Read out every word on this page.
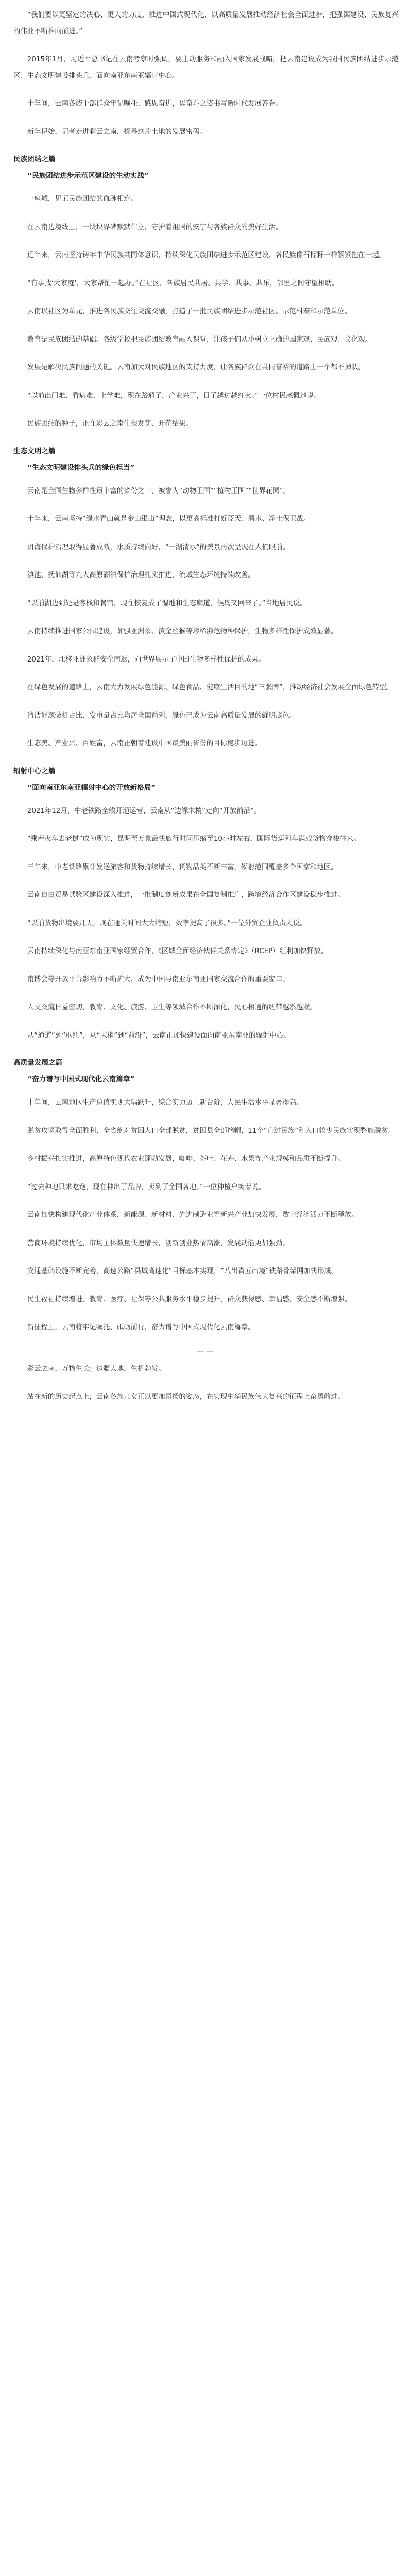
“我们要以更坚定的决心、更大的力度，推进中国式现代化，以高质量发展推动经济社会全面进步，把强国建设、民族复兴的伟业不断推向前进。”

2015年1月，习近平总书记在云南考察时强调，要主动服务和融入国家发展战略，把云南建设成为我国民族团结进步示范区、生态文明建设排头兵、面向南亚东南亚辐射中心。

十年间，云南各族干部群众牢记嘱托、感恩奋进，以奋斗之姿书写新时代发展答卷。

新年伊始，记者走进彩云之南，探寻这片土地的发展密码。

民族团结之篇
“民族团结进步示范区建设的生动实践”

一座城，见证民族团结的血脉相连。

在云南边境线上，一块块界碑默默伫立，守护着祖国的安宁与各族群众的美好生活。

近年来，云南坚持铸牢中华民族共同体意识，持续深化民族团结进步示范区建设，各民族像石榴籽一样紧紧抱在一起。

“有事找‘大家庭’，大家帮忙一起办。”在社区，各族居民共居、共学、共事、共乐，邻里之间守望相助。

云南以社区为单元，推进各民族交往交流交融，打造了一批民族团结进步示范社区、示范村寨和示范单位。

教育是民族团结的基础。各级学校把民族团结教育融入课堂，让孩子们从小树立正确的国家观、民族观、文化观。

发展是解决民族问题的关键。云南加大对民族地区的支持力度，让各族群众在共同富裕的道路上一个都不掉队。

“以前出门难、看病难、上学难，现在路通了，产业兴了，日子越过越红火。”一位村民感慨地说。

民族团结的种子，正在彩云之南生根发芽、开花结果。

生态文明之篇
“生态文明建设排头兵的绿色担当”

云南是全国生物多样性最丰富的省份之一，被誉为“动物王国”“植物王国”“世界花园”。

十年来，云南坚持“绿水青山就是金山银山”理念，以更高标准打好蓝天、碧水、净土保卫战。

洱海保护治理取得显著成效，水质持续向好，“一湖清水”的美景再次呈现在人们眼前。

滇池、抚仙湖等九大高原湖泊保护治理扎实推进，流域生态环境持续改善。

“以前湖边到处是客栈和餐馆，现在恢复成了湿地和生态廊道，候鸟又回来了。”当地居民说。

云南持续推进国家公园建设，加强亚洲象、滇金丝猴等珍稀濒危物种保护，生物多样性保护成效显著。

2021年，北移亚洲象群安全南返，向世界展示了中国生物多样性保护的成果。

在绿色发展的道路上，云南大力发展绿色能源、绿色食品、健康生活目的地“三张牌”，推动经济社会发展全面绿色转型。

清洁能源装机占比、发电量占比均居全国前列，绿色已成为云南高质量发展的鲜明底色。

生态美、产业兴、百姓富，云南正朝着建设中国最美丽省份的目标稳步迈进。

辐射中心之篇
“面向南亚东南亚辐射中心的开放新格局”

2021年12月，中老铁路全线开通运营，云南从“边缘末梢”走向“开放前沿”。

“乘着火车去老挝”成为现实，昆明至万象最快旅行时间压缩至10小时左右，国际货运列车满载货物穿梭往来。

三年来，中老铁路累计发送旅客和货物持续增长，货物品类不断丰富，辐射范围覆盖多个国家和地区。

云南自由贸易试验区建设深入推进，一批制度创新成果在全国复制推广，跨境经济合作区建设稳步推进。

“以前货物出境要几天，现在通关时间大大缩短，效率提高了很多。”一位外贸企业负责人说。

云南持续深化与南亚东南亚国家经贸合作，《区域全面经济伙伴关系协定》（RCEP）红利加快释放。

南博会等开放平台影响力不断扩大，成为中国与南亚东南亚国家交流合作的重要窗口。

人文交流日益密切，教育、文化、旅游、卫生等领域合作不断深化，民心相通的纽带越系越紧。

从“通道”到“枢纽”，从“末梢”到“前沿”，云南正加快建设面向南亚东南亚的辐射中心。

高质量发展之篇
“奋力谱写中国式现代化云南篇章”

十年间，云南地区生产总值实现大幅跃升，综合实力迈上新台阶，人民生活水平显著提高。

脱贫攻坚取得全面胜利，全省绝对贫困人口全部脱贫，贫困县全部摘帽，11个“直过民族”和人口较少民族实现整族脱贫。

乡村振兴扎实推进，高原特色现代农业蓬勃发展，咖啡、茶叶、花卉、水果等产业规模和品质不断提升。

“过去种地只求吃饱，现在种出了品牌，卖到了全国各地。”一位种植户笑着说。

云南加快构建现代化产业体系，新能源、新材料、先进制造业等新兴产业加快发展，数字经济活力不断释放。

营商环境持续优化，市场主体数量快速增长，创新创业热情高涨，发展动能更加强劲。

交通基础设施不断完善，高速公路“县域高速化”目标基本实现，“八出省五出境”铁路骨架网加快形成。

民生福祉持续增进，教育、医疗、社保等公共服务水平稳步提升，群众获得感、幸福感、安全感不断增强。

新征程上，云南将牢记嘱托、砥砺前行，奋力谱写中国式现代化云南篇章。

——

彩云之南，万物生长；边疆大地，生机勃发。

站在新的历史起点上，云南各族儿女正以更加昂扬的姿态，在实现中华民族伟大复兴的征程上奋勇前进。
